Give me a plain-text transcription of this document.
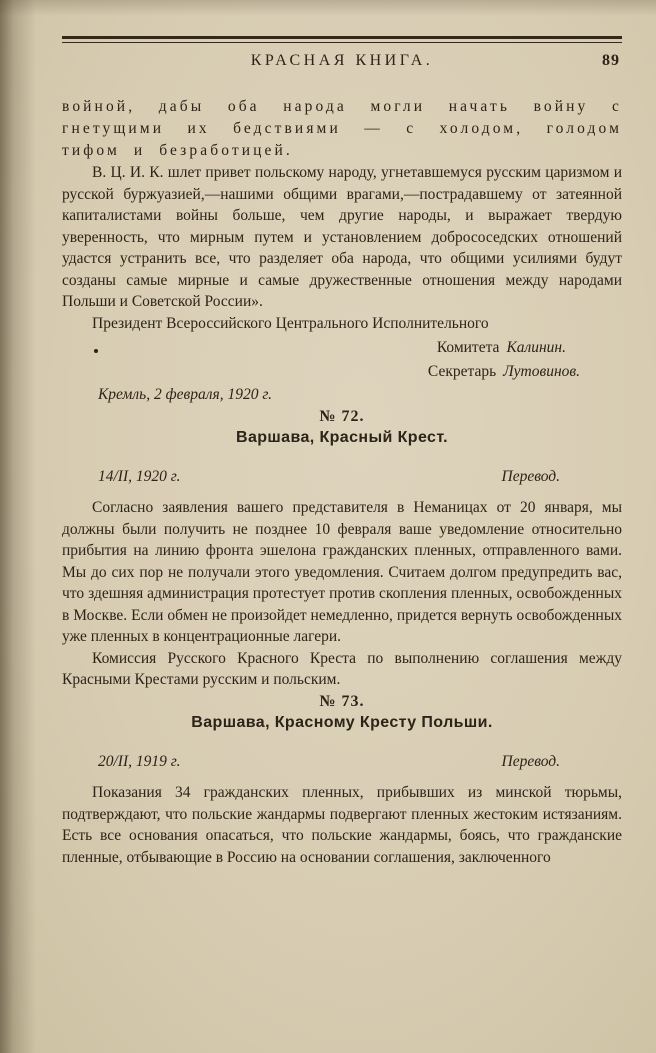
КРАСНАЯ КНИГА.	89

войной, дабы оба народа могли начать войну с гнетущими их бедствиями — с холодом, голодом тифом и безработицей.

В. Ц. И. К. шлет привет польскому народу, угнетавшемуся русским царизмом и русской буржуазией,—нашими общими врагами,—пострадавшему от затеянной капиталистами войны больше, чем другие народы, и выражает твердую уверенность, что мирным путем и установлением добрососедских отношений удастся устранить все, что разделяет оба народа, что общими усилиями будут созданы самые мирные и самые дружественные отношения между народами Польши и Советской России».

Президент Всероссийского Центрального Исполнительного

Комитета Калинин.
Секретарь Лутовинов.

Кремль, 2 февраля, 1920 г.

№ 72.

Варшава, Красный Крест.

14/II, 1920 г.	Перевод.

Согласно заявления вашего представителя в Неманицах от 20 января, мы должны были получить не позднее 10 февраля ваше уведомление относительно прибытия на линию фронта эшелона гражданских пленных, отправленного вами. Мы до сих пор не получали этого уведомления. Считаем долгом предупредить вас, что здешняя администрация протестует против скопления пленных, освобожденных в Москве. Если обмен не произойдет немедленно, придется вернуть освобожденных уже пленных в концентрационные лагери.

Комиссия Русского Красного Креста по выполнению соглашения между Красными Крестами русским и польским.

№ 73.

Варшава, Красному Кресту Польши.

20/II, 1919 г.	Перевод.

Показания 34 гражданских пленных, прибывших из минской тюрьмы, подтверждают, что польские жандармы подвергают пленных жестоким истязаниям. Есть все основания опасаться, что польские жандармы, боясь, что гражданские пленные, отбывающие в Россию на основании соглашения, заключенного
